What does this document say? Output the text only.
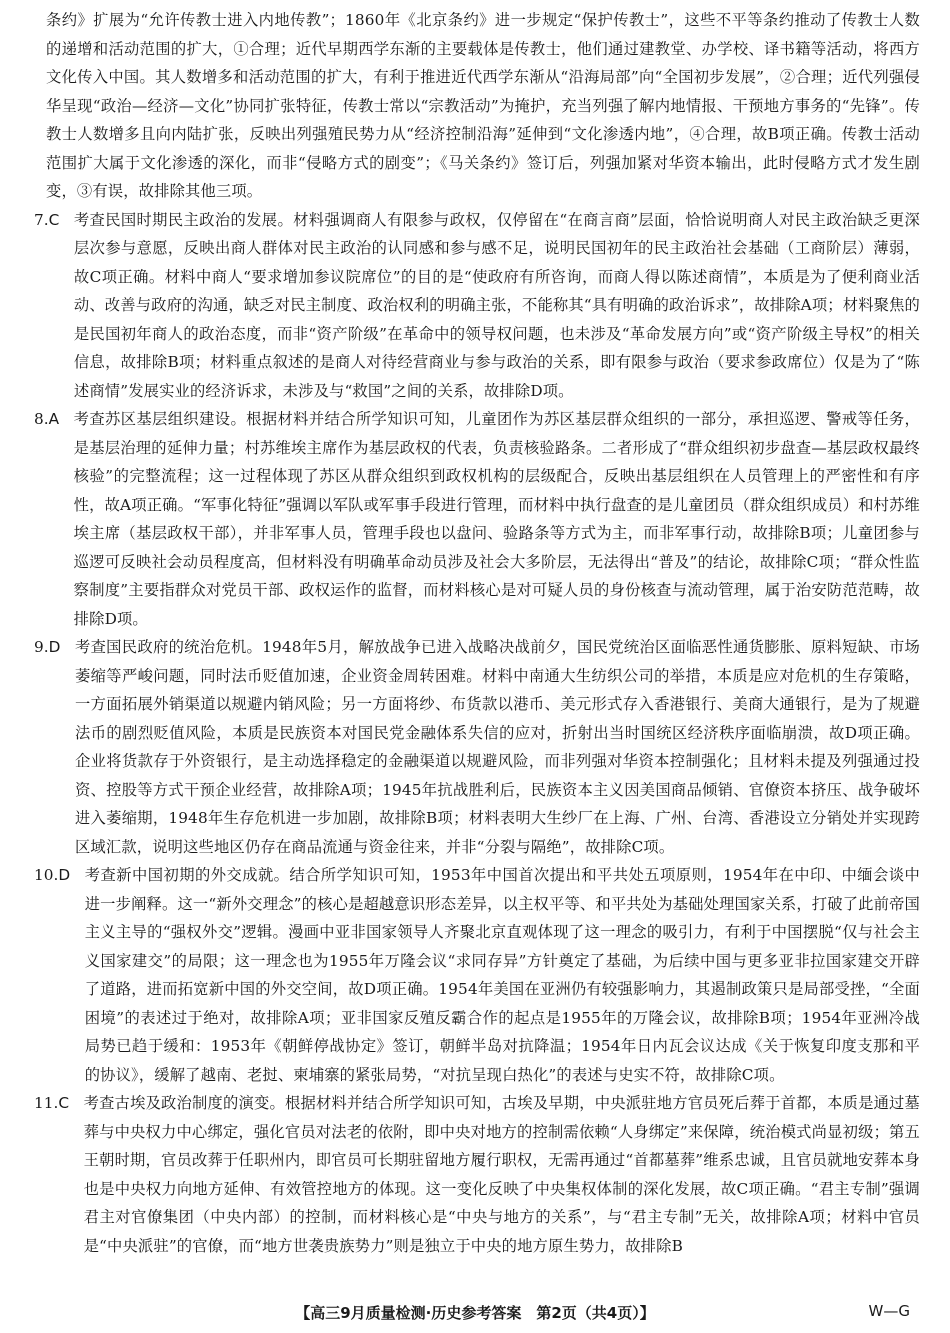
条约》扩展为“允许传教士进入内地传教”；1860年《北京条约》进一步规定“保护传教士”，这些不平等条约推动了传教士人数的递增和活动范围的扩大，①合理；近代早期西学东渐的主要载体是传教士，他们通过建教堂、办学校、译书籍等活动，将西方文化传入中国。其人数增多和活动范围的扩大，有利于推进近代西学东渐从“沿海局部”向“全国初步发展”，②合理；近代列强侵华呈现“政治—经济—文化”协同扩张特征，传教士常以“宗教活动”为掩护，充当列强了解内地情报、干预地方事务的“先锋”。传教士人数增多且向内陆扩张，反映出列强殖民势力从“经济控制沿海”延伸到“文化渗透内地”，④合理，故B项正确。传教士活动范围扩大属于文化渗透的深化，而非“侵略方式的剧变”；《马关条约》签订后，列强加紧对华资本输出，此时侵略方式才发生剧变，③有误，故排除其他三项。

7. C
考查民国时期民主政治的发展。材料强调商人有限参与政权，仅停留在“在商言商”层面，恰恰说明商人对民主政治缺乏更深层次参与意愿，反映出商人群体对民主政治的认同感和参与感不足，说明民国初年的民主政治社会基础（工商阶层）薄弱，故C项正确。材料中商人“要求增加参议院席位”的目的是“使政府有所咨询，而商人得以陈述商情”，本质是为了便利商业活动、改善与政府的沟通，缺乏对民主制度、政治权利的明确主张，不能称其“具有明确的政治诉求”，故排除A项；材料聚焦的是民国初年商人的政治态度，而非“资产阶级”在革命中的领导权问题，也未涉及“革命发展方向”或“资产阶级主导权”的相关信息，故排除B项；材料重点叙述的是商人对待经营商业与参与政治的关系，即有限参与政治（要求参政席位）仅是为了“陈述商情”发展实业的经济诉求，未涉及与“救国”之间的关系，故排除D项。

8. A
考查苏区基层组织建设。根据材料并结合所学知识可知，儿童团作为苏区基层群众组织的一部分，承担巡逻、警戒等任务，是基层治理的延伸力量；村苏维埃主席作为基层政权的代表，负责核验路条。二者形成了“群众组织初步盘查—基层政权最终核验”的完整流程；这一过程体现了苏区从群众组织到政权机构的层级配合，反映出基层组织在人员管理上的严密性和有序性，故A项正确。“军事化特征”强调以军队或军事手段进行管理，而材料中执行盘查的是儿童团员（群众组织成员）和村苏维埃主席（基层政权干部），并非军事人员，管理手段也以盘问、验路条等方式为主，而非军事行动，故排除B项；儿童团参与巡逻可反映社会动员程度高，但材料没有明确革命动员涉及社会大多阶层，无法得出“普及”的结论，故排除C项；“群众性监察制度”主要指群众对党员干部、政权运作的监督，而材料核心是对可疑人员的身份核查与流动管理，属于治安防范范畴，故排除D项。

9. D
考查国民政府的统治危机。1948年5月，解放战争已进入战略决战前夕，国民党统治区面临恶性通货膨胀、原料短缺、市场萎缩等严峻问题，同时法币贬值加速，企业资金周转困难。材料中南通大生纺织公司的举措，本质是应对危机的生存策略，一方面拓展外销渠道以规避内销风险；另一方面将纱、布货款以港币、美元形式存入香港银行、美商大通银行，是为了规避法币的剧烈贬值风险，本质是民族资本对国民党金融体系失信的应对，折射出当时国统区经济秩序面临崩溃，故D项正确。企业将货款存于外资银行，是主动选择稳定的金融渠道以规避风险，而非列强对华资本控制强化；且材料未提及列强通过投资、控股等方式干预企业经营，故排除A项；1945年抗战胜利后，民族资本主义因美国商品倾销、官僚资本挤压、战争破坏进入萎缩期，1948年生存危机进一步加剧，故排除B项；材料表明大生纱厂在上海、广州、台湾、香港设立分销处并实现跨区域汇款，说明这些地区仍存在商品流通与资金往来，并非“分裂与隔绝”，故排除C项。

10. D
考查新中国初期的外交成就。结合所学知识可知，1953年中国首次提出和平共处五项原则，1954年在中印、中缅会谈中进一步阐释。这一“新外交理念”的核心是超越意识形态差异，以主权平等、和平共处为基础处理国家关系，打破了此前帝国主义主导的“强权外交”逻辑。漫画中亚非国家领导人齐聚北京直观体现了这一理念的吸引力，有利于中国摆脱“仅与社会主义国家建交”的局限；这一理念也为1955年万隆会议“求同存异”方针奠定了基础，为后续中国与更多亚非拉国家建交开辟了道路，进而拓宽新中国的外交空间，故D项正确。1954年美国在亚洲仍有较强影响力，其遏制政策只是局部受挫，“全面困境”的表述过于绝对，故排除A项；亚非国家反殖反霸合作的起点是1955年的万隆会议，故排除B项；1954年亚洲冷战局势已趋于缓和：1953年《朝鲜停战协定》签订，朝鲜半岛对抗降温；1954年日内瓦会议达成《关于恢复印度支那和平的协议》，缓解了越南、老挝、柬埔寨的紧张局势，“对抗呈现白热化”的表述与史实不符，故排除C项。

11. C
考查古埃及政治制度的演变。根据材料并结合所学知识可知，古埃及早期，中央派驻地方官员死后葬于首都，本质是通过墓葬与中央权力中心绑定，强化官员对法老的依附，即中央对地方的控制需依赖“人身绑定”来保障，统治模式尚显初级；第五王朝时期，官员改葬于任职州内，即官员可长期驻留地方履行职权，无需再通过“首都墓葬”维系忠诚，且官员就地安葬本身也是中央权力向地方延伸、有效管控地方的体现。这一变化反映了中央集权体制的深化发展，故C项正确。“君主专制”强调君主对官僚集团（中央内部）的控制，而材料核心是“中央与地方的关系”，与“君主专制”无关，故排除A项；材料中官员是“中央派驻”的官僚，而“地方世袭贵族势力”则是独立于中央的地方原生势力，故排除B

【高三9月质量检测·历史参考答案　第2页（共4页）】	W—G
